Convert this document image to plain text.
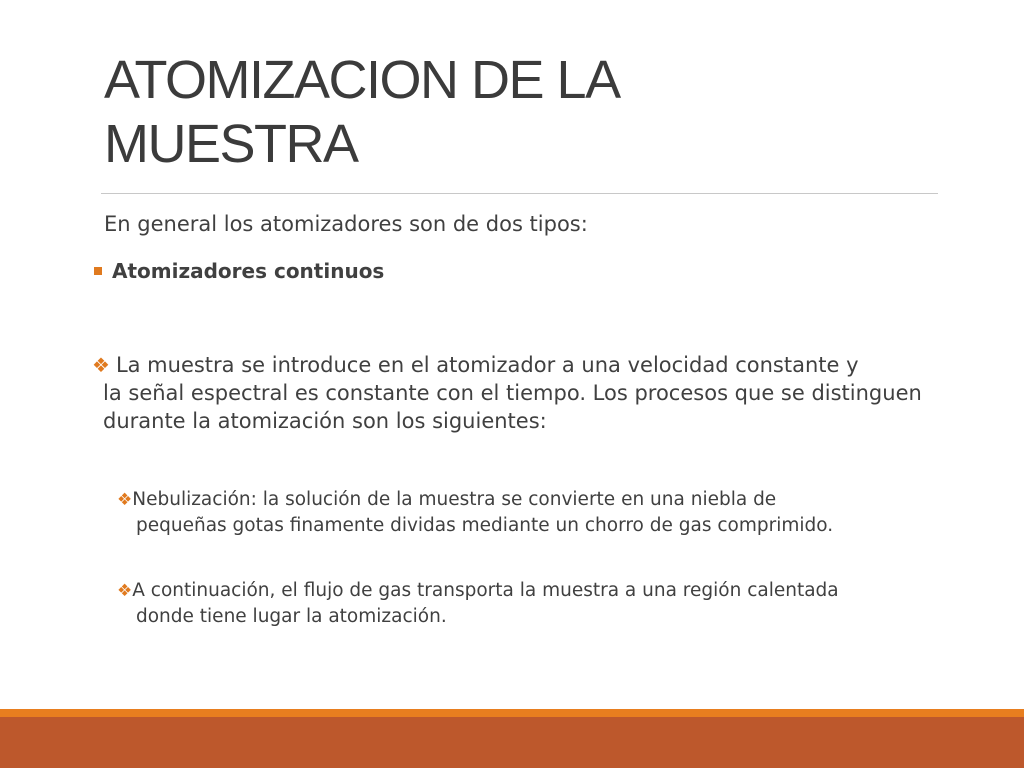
ATOMIZACION DE LA
MUESTRA
En general los atomizadores son de dos tipos:
Atomizadores continuos
❖ La muestra se introduce en el atomizador a una velocidad constante y
la señal espectral es constante con el tiempo. Los procesos que se distinguen durante la atomización son los siguientes:
❖Nebulización: la solución de la muestra se convierte en una niebla de
pequeñas gotas finamente dividas mediante un chorro de gas comprimido.
❖A continuación, el flujo de gas transporta la muestra a una región calentada
donde tiene lugar la atomización.
